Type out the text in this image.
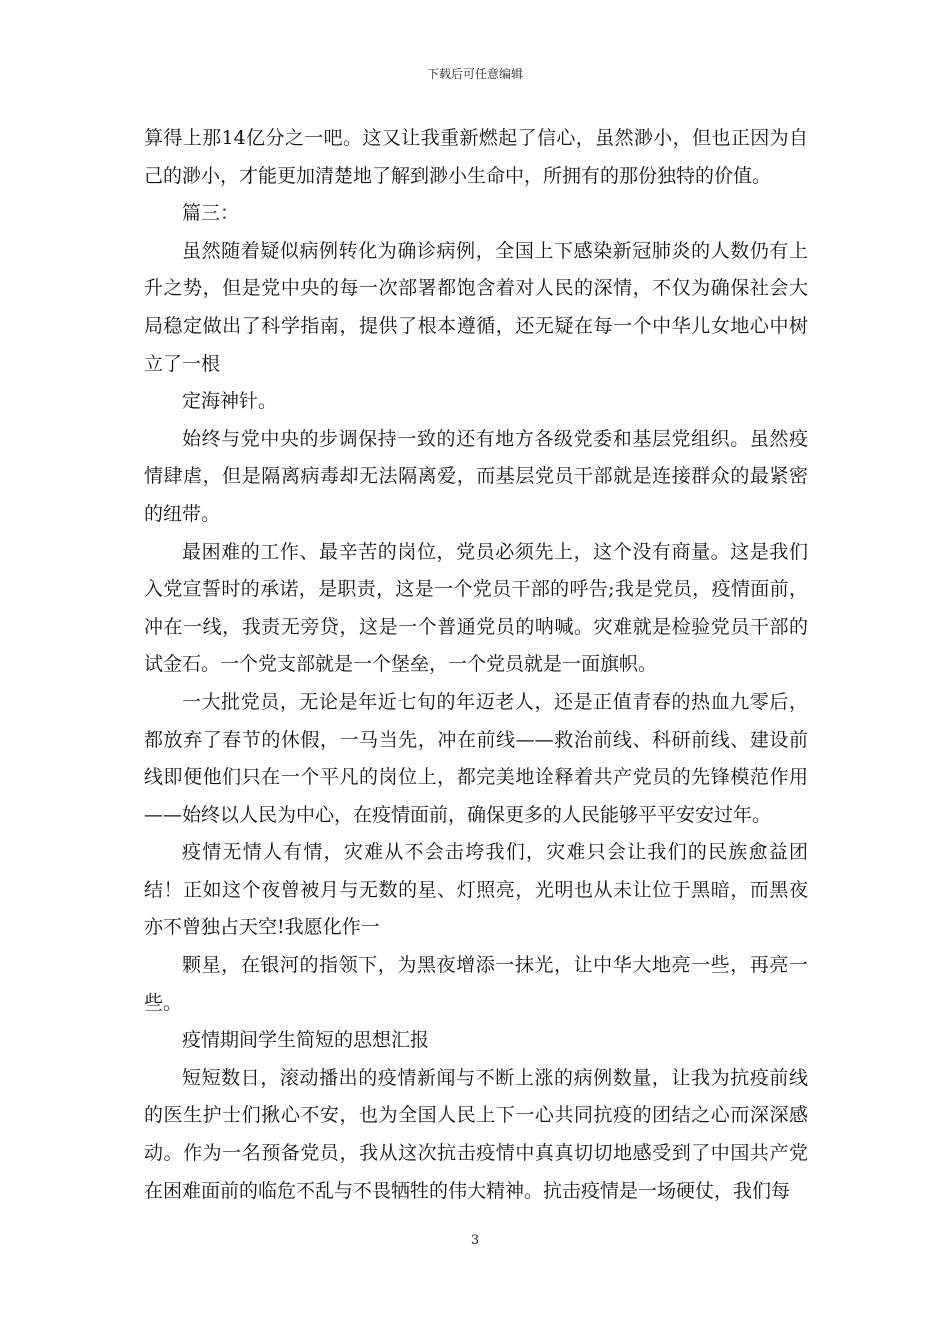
下载后可任意编辑

算得上那14亿分之一吧。这又让我重新燃起了信心，虽然渺小，但也正因为自己的渺小，才能更加清楚地了解到渺小生命中，所拥有的那份独特的价值。

篇三：

虽然随着疑似病例转化为确诊病例，全国上下感染新冠肺炎的人数仍有上升之势，但是党中央的每一次部署都饱含着对人民的深情，不仅为确保社会大局稳定做出了科学指南，提供了根本遵循，还无疑在每一个中华儿女地心中树立了一根

定海神针。

始终与党中央的步调保持一致的还有地方各级党委和基层党组织。虽然疫情肆虐，但是隔离病毒却无法隔离爱，而基层党员干部就是连接群众的最紧密的纽带。

最困难的工作、最辛苦的岗位，党员必须先上，这个没有商量。这是我们入党宣誓时的承诺，是职责，这是一个党员干部的呼告;我是党员，疫情面前，冲在一线，我责无旁贷，这是一个普通党员的呐喊。灾难就是检验党员干部的试金石。一个党支部就是一个堡垒，一个党员就是一面旗帜。

一大批党员，无论是年近七旬的年迈老人，还是正值青春的热血九零后，都放弃了春节的休假，一马当先，冲在前线——救治前线、科研前线、建设前线即便他们只在一个平凡的岗位上，都完美地诠释着共产党员的先锋模范作用——始终以人民为中心，在疫情面前，确保更多的人民能够平平安安过年。

疫情无情人有情，灾难从不会击垮我们，灾难只会让我们的民族愈益团结！正如这个夜曾被月与无数的星、灯照亮，光明也从未让位于黑暗，而黑夜亦不曾独占天空!我愿化作一

颗星，在银河的指领下，为黑夜增添一抹光，让中华大地亮一些，再亮一些。

疫情期间学生简短的思想汇报

短短数日，滚动播出的疫情新闻与不断上涨的病例数量，让我为抗疫前线的医生护士们揪心不安，也为全国人民上下一心共同抗疫的团结之心而深深感动。作为一名预备党员，我从这次抗击疫情中真真切切地感受到了中国共产党在困难面前的临危不乱与不畏牺牲的伟大精神。抗击疫情是一场硬仗，我们每

3
